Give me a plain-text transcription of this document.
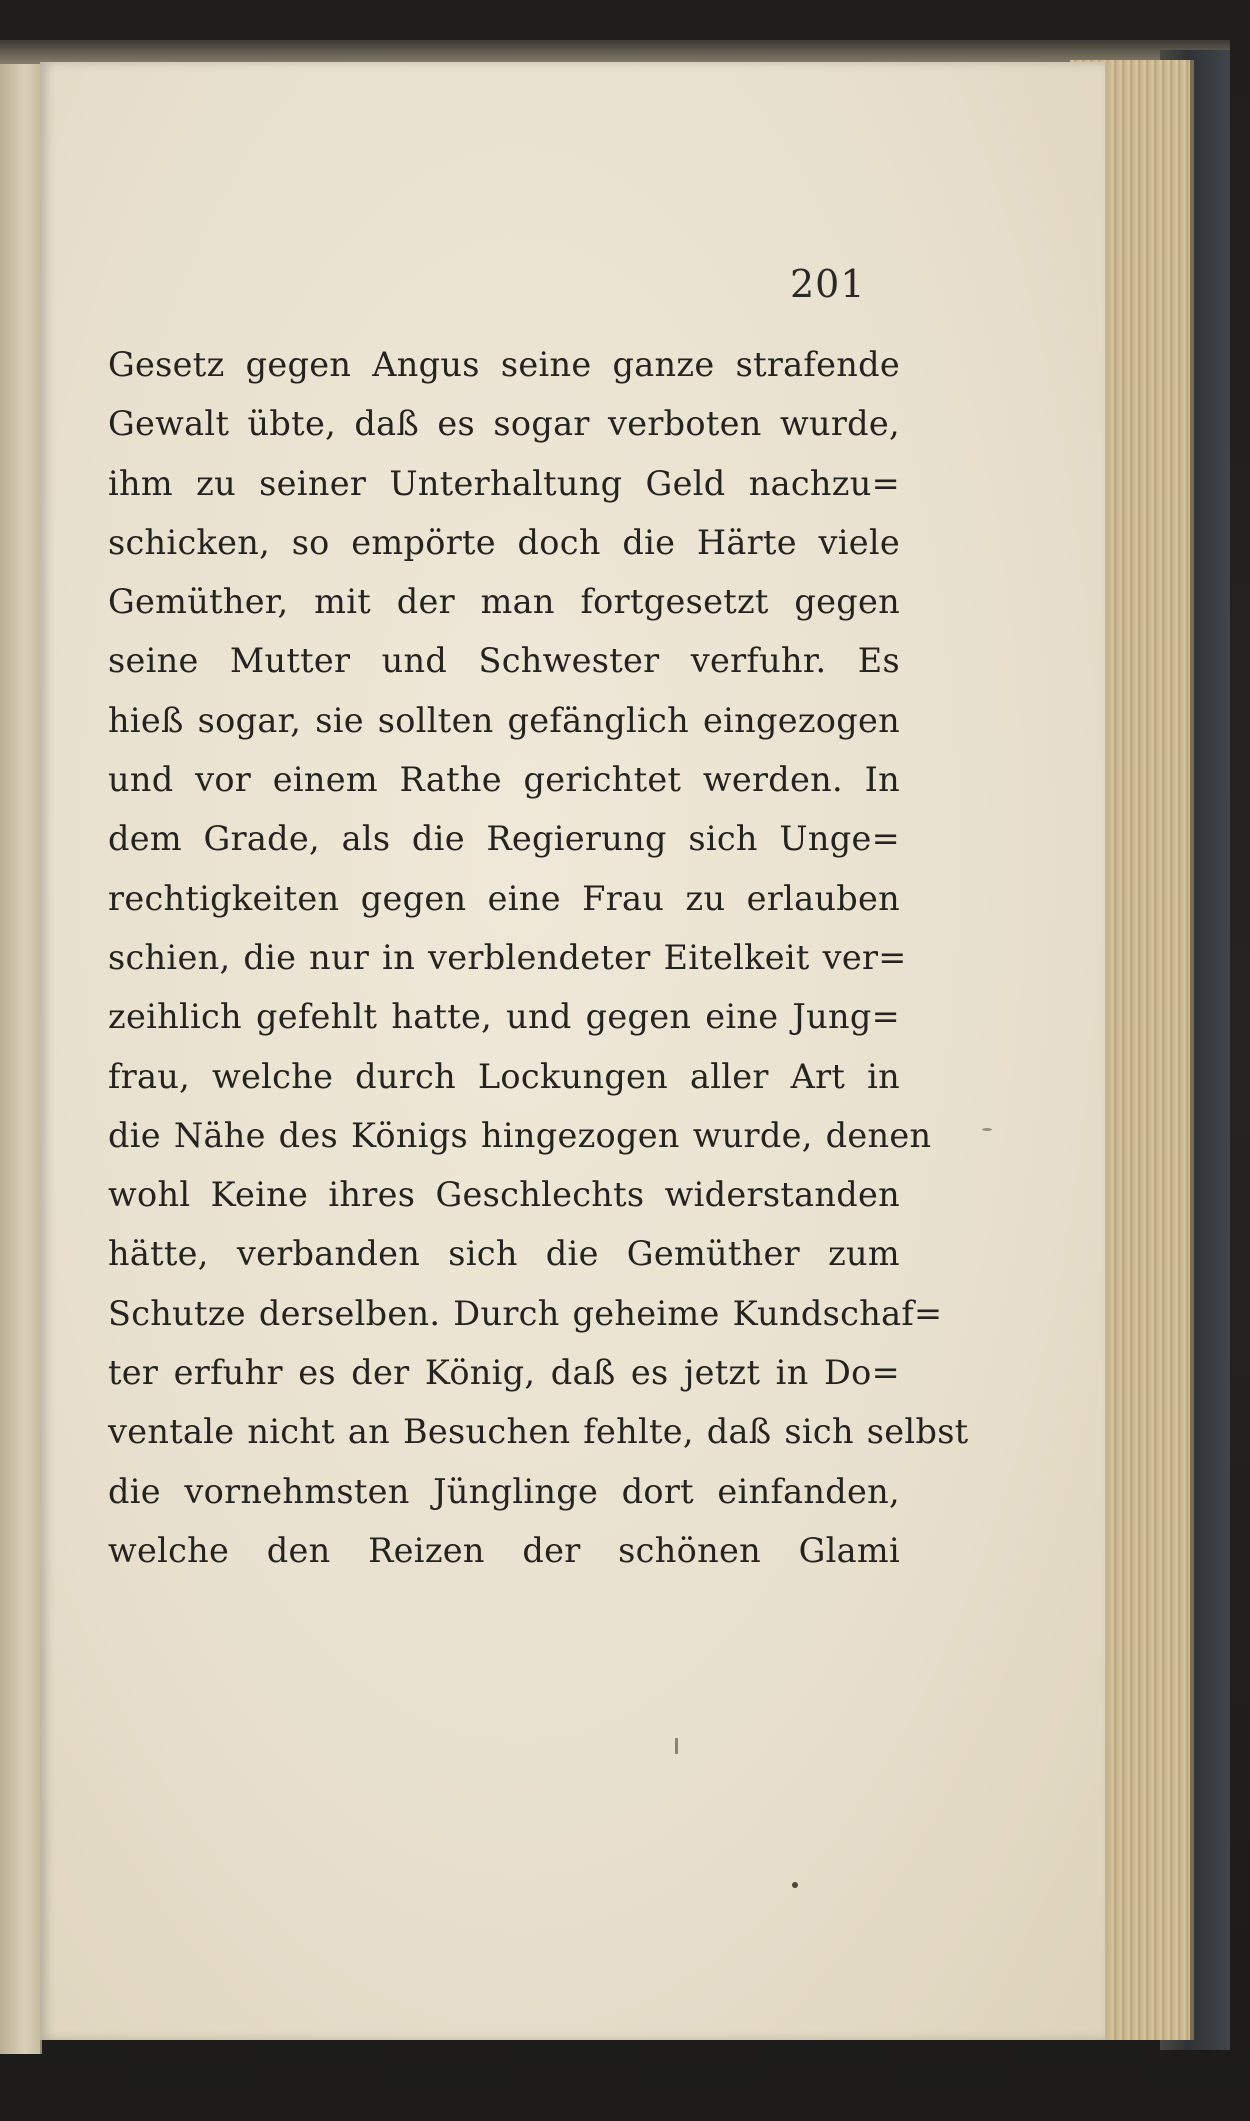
201
Gesetz gegen Angus seine ganze strafende
Gewalt übte, daß es sogar verboten wurde,
ihm zu seiner Unterhaltung Geld nachzu=
schicken, so empörte doch die Härte viele
Gemüther, mit der man fortgesetzt gegen
seine Mutter und Schwester verfuhr. Es
hieß sogar, sie sollten gefänglich eingezogen
und vor einem Rathe gerichtet werden. In
dem Grade, als die Regierung sich Unge=
rechtigkeiten gegen eine Frau zu erlauben
schien, die nur in verblendeter Eitelkeit ver=
zeihlich gefehlt hatte, und gegen eine Jung=
frau, welche durch Lockungen aller Art in
die Nähe des Königs hingezogen wurde, denen
wohl Keine ihres Geschlechts widerstanden
hätte, verbanden sich die Gemüther zum
Schutze derselben. Durch geheime Kundschaf=
ter erfuhr es der König, daß es jetzt in Do=
ventale nicht an Besuchen fehlte, daß sich selbst
die vornehmsten Jünglinge dort einfanden,
welche den Reizen der schönen Glami
